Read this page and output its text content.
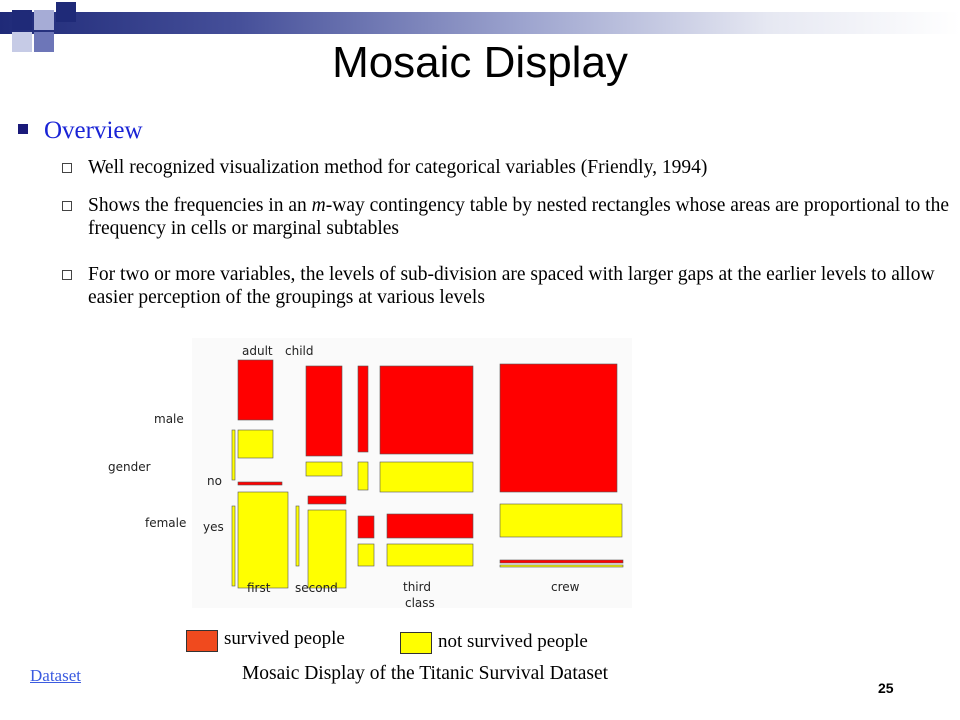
Mosaic Display
Overview
Well recognized visualization method for categorical variables (Friendly, 1994)
Shows the frequencies in an m-way contingency table by nested rectangles whose areas are proportional to the frequency in cells or marginal subtables
For two or more variables, the levels of sub-division are spaced with larger gaps at the earlier levels to allow easier perception of the groupings at various levels
adult child
male
gender
no
female yes
first second	third
class
crew
survived people	not survived people
Mosaic Display of the Titanic Survival Dataset
Dataset
25
